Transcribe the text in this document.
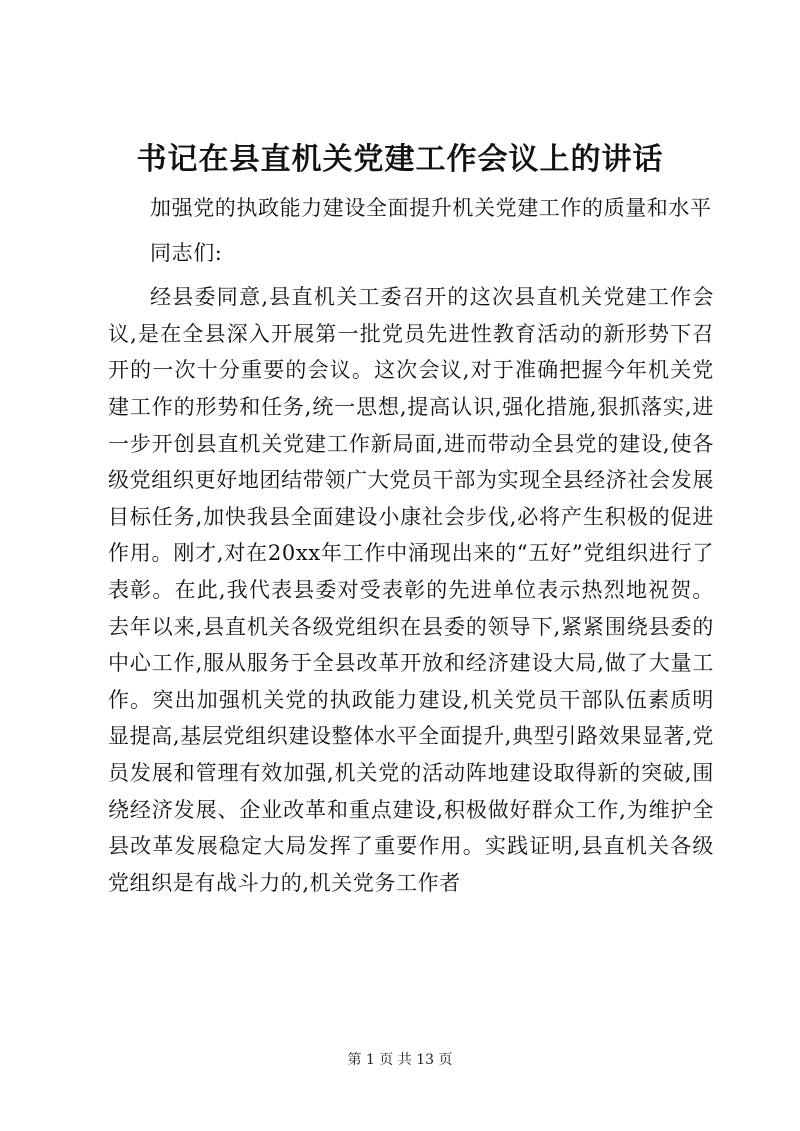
书记在县直机关党建工作会议上的讲话

加强党的执政能力建设全面提升机关党建工作的质量和水平

同志们:

经县委同意,县直机关工委召开的这次县直机关党建工作会议,是在全县深入开展第一批党员先进性教育活动的新形势下召开的一次十分重要的会议。这次会议,对于准确把握今年机关党建工作的形势和任务,统一思想,提高认识,强化措施,狠抓落实,进一步开创县直机关党建工作新局面,进而带动全县党的建设,使各级党组织更好地团结带领广大党员干部为实现全县经济社会发展目标任务,加快我县全面建设小康社会步伐,必将产生积极的促进作用。刚才,对在20xx年工作中涌现出来的“五好”党组织进行了表彰。在此,我代表县委对受表彰的先进单位表示热烈地祝贺。去年以来,县直机关各级党组织在县委的领导下,紧紧围绕县委的中心工作,服从服务于全县改革开放和经济建设大局,做了大量工作。突出加强机关党的执政能力建设,机关党员干部队伍素质明显提高,基层党组织建设整体水平全面提升,典型引路效果显著,党员发展和管理有效加强,机关党的活动阵地建设取得新的突破,围绕经济发展、企业改革和重点建设,积极做好群众工作,为维护全县改革发展稳定大局发挥了重要作用。实践证明,县直机关各级党组织是有战斗力的,机关党务工作者

第 1 页 共 13 页
